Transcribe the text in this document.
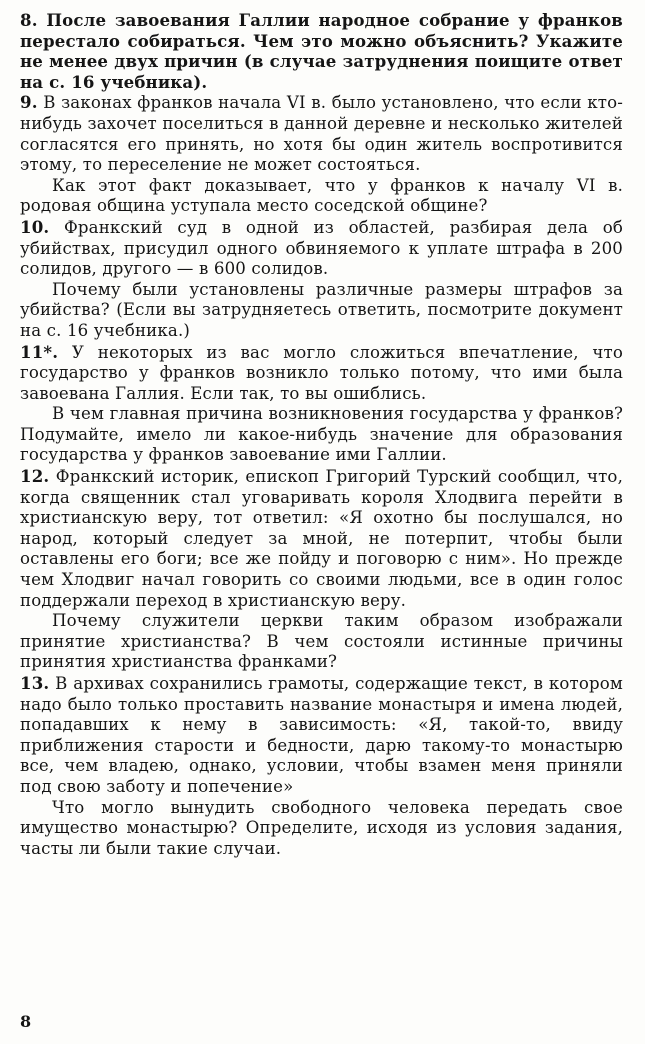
8. После завоевания Галлии народное собрание у франков перестало собираться. Чем это можно объяснить? Укажите не менее двух причин (в случае затруднения поищите ответ на с. 16 учебника).

9. В законах франков начала VI в. было установлено, что если кто-нибудь захочет поселиться в данной деревне и несколько жителей согласятся его принять, но хотя бы один житель воспротивится этому, то переселение не может состояться.

Как этот факт доказывает, что у франков к началу VI в. родовая община уступала место соседской общине?

10. Франкский суд в одной из областей, разбирая дела об убийствах, присудил одного обвиняемого к уплате штрафа в 200 солидов, другого — в 600 солидов.

Почему были установлены различные размеры штрафов за убийства? (Если вы затрудняетесь ответить, посмотрите документ на с. 16 учебника.)

11*. У некоторых из вас могло сложиться впечатление, что государство у франков возникло только потому, что ими была завоевана Галлия. Если так, то вы ошиблись.

В чем главная причина возникновения государства у франков? Подумайте, имело ли какое-нибудь значение для образования государства у франков завоевание ими Галлии.

12. Франкский историк, епископ Григорий Турский сообщил, что, когда священник стал уговаривать короля Хлодвига перейти в христианскую веру, тот ответил: «Я охотно бы послушался, но народ, который следует за мной, не потерпит, чтобы были оставлены его боги; все же пойду и поговорю с ним». Но прежде чем Хлодвиг начал говорить со своими людьми, все в один голос поддержали переход в христианскую веру.

Почему служители церкви таким образом изображали принятие христианства? В чем состояли истинные причины принятия христианства франками?

13. В архивах сохранились грамоты, содержащие текст, в котором надо было только проставить название монастыря и имена людей, попадавших к нему в зависимость: «Я, такой-то, ввиду приближения старости и бедности, дарю такому-то монастырю все, чем владею, однако, условии, чтобы взамен меня приняли под свою заботу и попечение»

Что могло вынудить свободного человека передать свое имущество монастырю? Определите, исходя из условия задания, часты ли были такие случаи.

8
